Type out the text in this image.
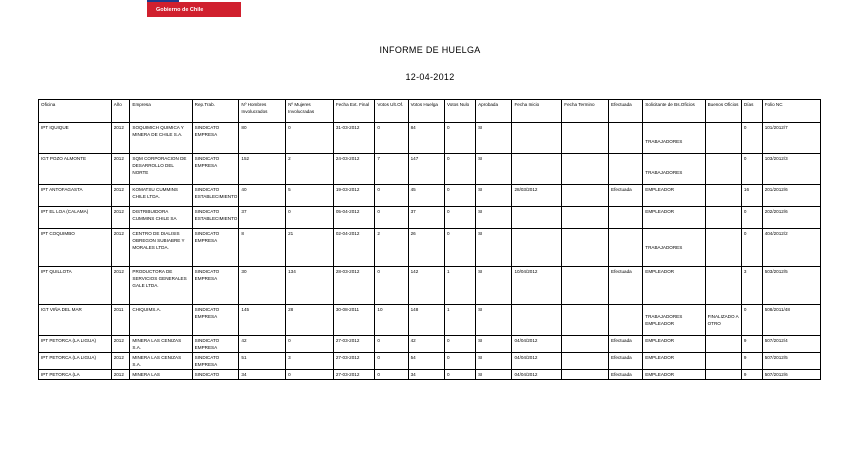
Gobierno de Chile
INFORME DE HUELGA
12-04-2012
Oficina	Año	Empresa	Rep.Trab.	Nº Hombres Involucrados	Nº Mujeres Involucradas	Fecha Ext. Final	Votos Ult.Of.	Votos Huelga	Votos Nulo	Aprobada	Fecha Inicio	Fecha Termino	Efectuada	Solicitante de Bs.Oficios	Buenos Oficios	Días	Folio NC
IPT IQUIQUE	2012	SOQUIMICH QUIMICA Y MINERA DE CHILE S.A.	SINDICATO EMPRESA	80	0	31-03-2012	0	84	0	SI				TRABAJADORES		0	101/2012/7
IGT POZO ALMONTE	2012	SQM CORPORACION DE DESARROLLO DEL NORTE	SINDICATO EMPRESA	152	2	24-03-2012	7	147	0	SI				TRABAJADORES		0	103/2012/3
IPT ANTOFAGASTA	2012	KOMATSU CUMMINS CHILE LTDA.	SINDICATO ESTABLECIMIENTO	40	5	19-03-2012	0	45	0	SI	28/03/2012		Efectuada	EMPLEADOR		16	201/2012/6
IPT EL LOA (CALAMA)	2012	DISTRIBUIDORA CUMMINS CHILE SA	SINDICATO ESTABLECIMIENTO	37	0	05-04-2012	0	37	0	SI				EMPLEADOR		0	202/2012/6
IPT COQUIMBO	2012	CENTRO DE DIALISIS OBREGON SUBIABRE Y MORALES LTDA.	SINDICATO EMPRESA	8	21	02-04-2012	2	26	0	SI				TRABAJADORES		0	404/2012/2
IPT QUILLOTA	2012	PRODUCTORA DE SERVICIOS GENERALES GALE LTDA.	SINDICATO EMPRESA	30	134	28-03-2012	0	142	1	SI	10/04/2012		Efectuada	EMPLEADOR		3	503/2012/5
IGT VIÑA DEL MAR	2011	CHIQUIMS.A.	SINDICATO EMPRESA	145	28	30-08-2011	10	148	1	SI				TRABAJADORES EMPLEADOR	FINALIZADO A OTRO	0	508/2011/48
IPT PETORCA (LA LIGUA)	2012	MINERA LAS CENIZAS S.A.	SINDICATO EMPRESA	42	0	27-03-2012	0	42	0	SI	04/04/2012		Efectuada	EMPLEADOR		9	507/2012/4
IPT PETORCA (LA LIGUA)	2012	MINERA LAS CENIZAS S.A.	SINDICATO EMPRESA	51	3	27-03-2012	0	54	0	SI	04/04/2012		Efectuada	EMPLEADOR		9	507/2012/5
IPT PETORCA (LA	2012	MINERA LAS	SINDICATO	34	0	27-03-2012	0	34	0	SI	04/04/2012		Efectuada	EMPLEADOR		9	507/2012/6
